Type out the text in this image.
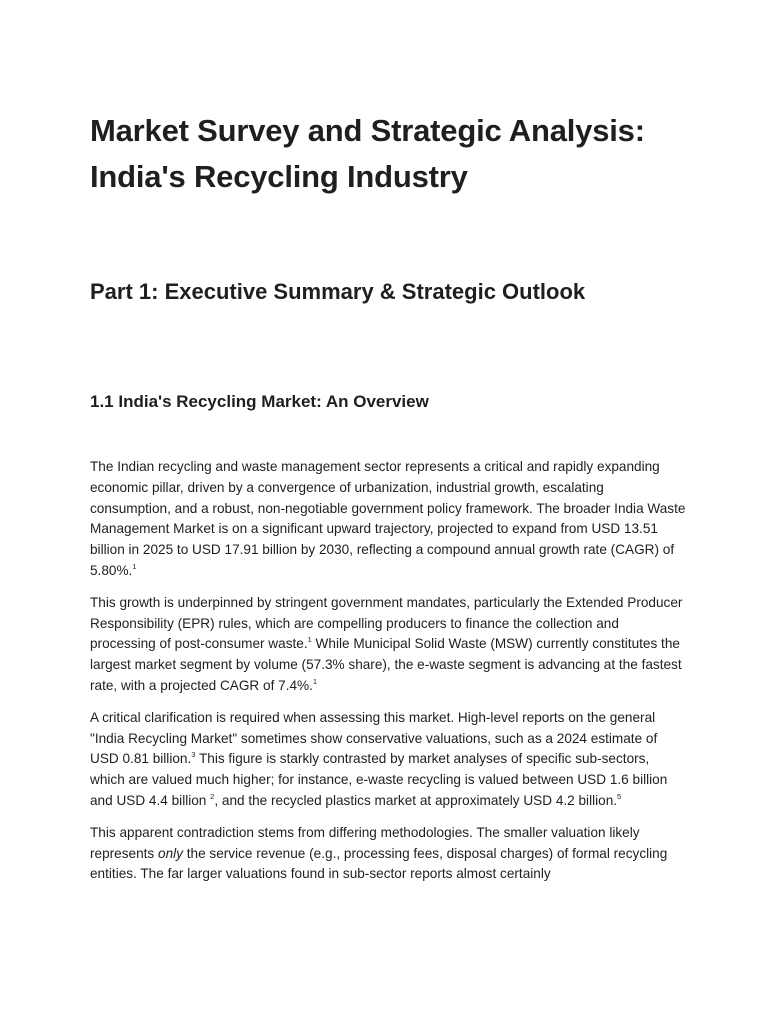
Market Survey and Strategic Analysis: India's Recycling Industry
Part 1: Executive Summary & Strategic Outlook
1.1 India's Recycling Market: An Overview

The Indian recycling and waste management sector represents a critical and rapidly expanding economic pillar, driven by a convergence of urbanization, industrial growth, escalating consumption, and a robust, non-negotiable government policy framework. The broader India Waste Management Market is on a significant upward trajectory, projected to expand from USD 13.51 billion in 2025 to USD 17.91 billion by 2030, reflecting a compound annual growth rate (CAGR) of 5.80%.$^1$

This growth is underpinned by stringent government mandates, particularly the Extended Producer Responsibility (EPR) rules, which are compelling producers to finance the collection and processing of post-consumer waste.$^1$ While Municipal Solid Waste (MSW) currently constitutes the largest market segment by volume (57.3% share), the e-waste segment is advancing at the fastest rate, with a projected CAGR of 7.4%.$^1$

A critical clarification is required when assessing this market. High-level reports on the general "India Recycling Market" sometimes show conservative valuations, such as a 2024 estimate of USD 0.81 billion.$^3$ This figure is starkly contrasted by market analyses of specific sub-sectors, which are valued much higher; for instance, e-waste recycling is valued between USD 1.6 billion and USD 4.4 billion $^2$, and the recycled plastics market at approximately USD 4.2 billion.$^5$

This apparent contradiction stems from differing methodologies. The smaller valuation likely represents only the service revenue (e.g., processing fees, disposal charges) of formal recycling entities. The far larger valuations found in sub-sector reports almost certainly
